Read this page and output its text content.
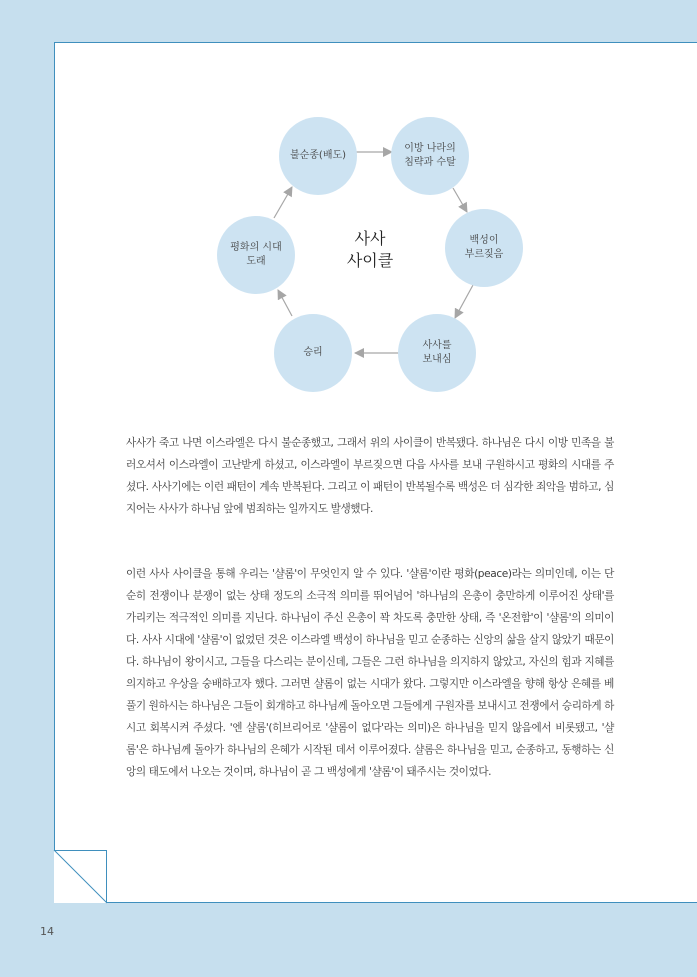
불순종(배도)
이방 나라의
침략과 수탈
백성이
부르짖음
사사를
보내심
승리
평화의 시대
도래
사사
사이클

사사가 죽고 나면 이스라엘은 다시 불순종했고, 그래서 위의 사이클이 반복됐다. 하나님은 다시 이방 민족을 불러오셔서 이스라엘이 고난받게 하셨고, 이스라엘이 부르짖으면 다음 사사를 보내 구원하시고 평화의 시대를 주셨다. 사사기에는 이런 패턴이 계속 반복된다. 그리고 이 패턴이 반복될수록 백성은 더 심각한 죄악을 범하고, 심지어는 사사가 하나님 앞에 범죄하는 일까지도 발생했다.

이런 사사 사이클을 통해 우리는 '샬롬'이 무엇인지 알 수 있다. '샬롬'이란 평화(peace)라는 의미인데, 이는 단순히 전쟁이나 분쟁이 없는 상태 정도의 소극적 의미를 뛰어넘어 '하나님의 은총이 충만하게 이루어진 상태'를 가리키는 적극적인 의미를 지닌다. 하나님이 주신 은총이 꽉 차도록 충만한 상태, 즉 '온전함'이 '샬롬'의 의미이다. 사사 시대에 '샬롬'이 없었던 것은 이스라엘 백성이 하나님을 믿고 순종하는 신앙의 삶을 살지 않았기 때문이다. 하나님이 왕이시고, 그들을 다스리는 분이신데, 그들은 그런 하나님을 의지하지 않았고, 자신의 힘과 지혜를 의지하고 우상을 숭배하고자 했다. 그러면 샬롬이 없는 시대가 왔다. 그렇지만 이스라엘을 향해 항상 은혜를 베풀기 원하시는 하나님은 그들이 회개하고 하나님께 돌아오면 그들에게 구원자를 보내시고 전쟁에서 승리하게 하시고 회복시켜 주셨다. '엔 샬롬'(히브리어로 '샬롬이 없다'라는 의미)은 하나님을 믿지 않음에서 비롯됐고, '샬롬'은 하나님께 돌아가 하나님의 은혜가 시작된 데서 이루어졌다. 샬롬은 하나님을 믿고, 순종하고, 동행하는 신앙의 태도에서 나오는 것이며, 하나님이 곧 그 백성에게 '샬롬'이 돼주시는 것이었다.

14
